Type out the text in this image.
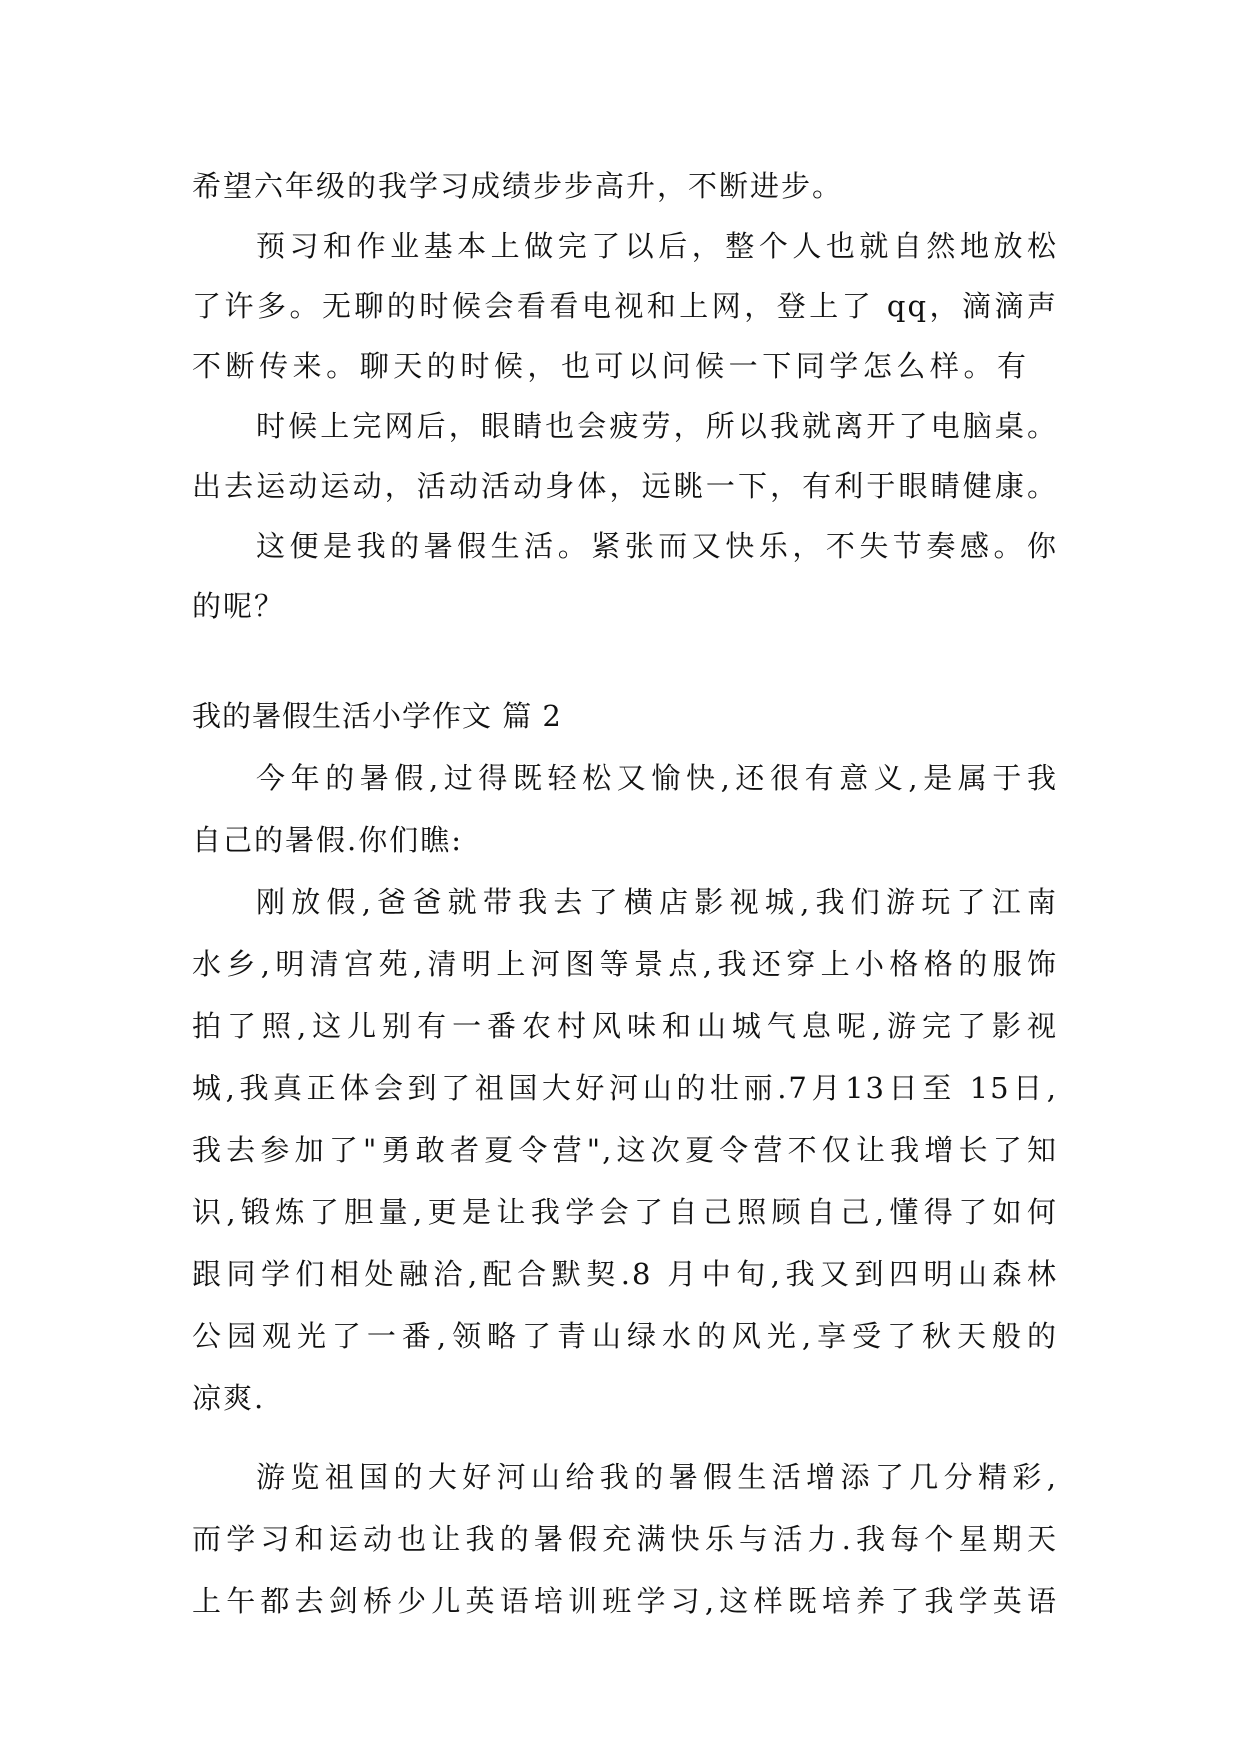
希望六年级的我学习成绩步步高升，不断进步。
预习和作业基本上做完了以后，整个人也就自然地放松
了许多。无聊的时候会看看电视和上网，登上了 qq，滴滴声
不断传来。聊天的时候，也可以问候一下同学怎么样。有
时候上完网后，眼睛也会疲劳，所以我就离开了电脑桌。
出去运动运动，活动活动身体，远眺一下，有利于眼睛健康。
这便是我的暑假生活。紧张而又快乐，不失节奏感。你
的呢？
我的暑假生活小学作文 篇 2
今年的暑假,过得既轻松又愉快,还很有意义,是属于我
自己的暑假.你们瞧:
刚放假,爸爸就带我去了横店影视城,我们游玩了江南
水乡,明清宫苑,清明上河图等景点,我还穿上小格格的服饰
拍了照,这儿别有一番农村风味和山城气息呢,游完了影视
城,我真正体会到了祖国大好河山的壮丽.7月13日至 15日,
我去参加了"勇敢者夏令营",这次夏令营不仅让我增长了知
识,锻炼了胆量,更是让我学会了自己照顾自己,懂得了如何
跟同学们相处融洽,配合默契.8 月中旬,我又到四明山森林
公园观光了一番,领略了青山绿水的风光,享受了秋天般的
凉爽.
游览祖国的大好河山给我的暑假生活增添了几分精彩,
而学习和运动也让我的暑假充满快乐与活力.我每个星期天
上午都去剑桥少儿英语培训班学习,这样既培养了我学英语
